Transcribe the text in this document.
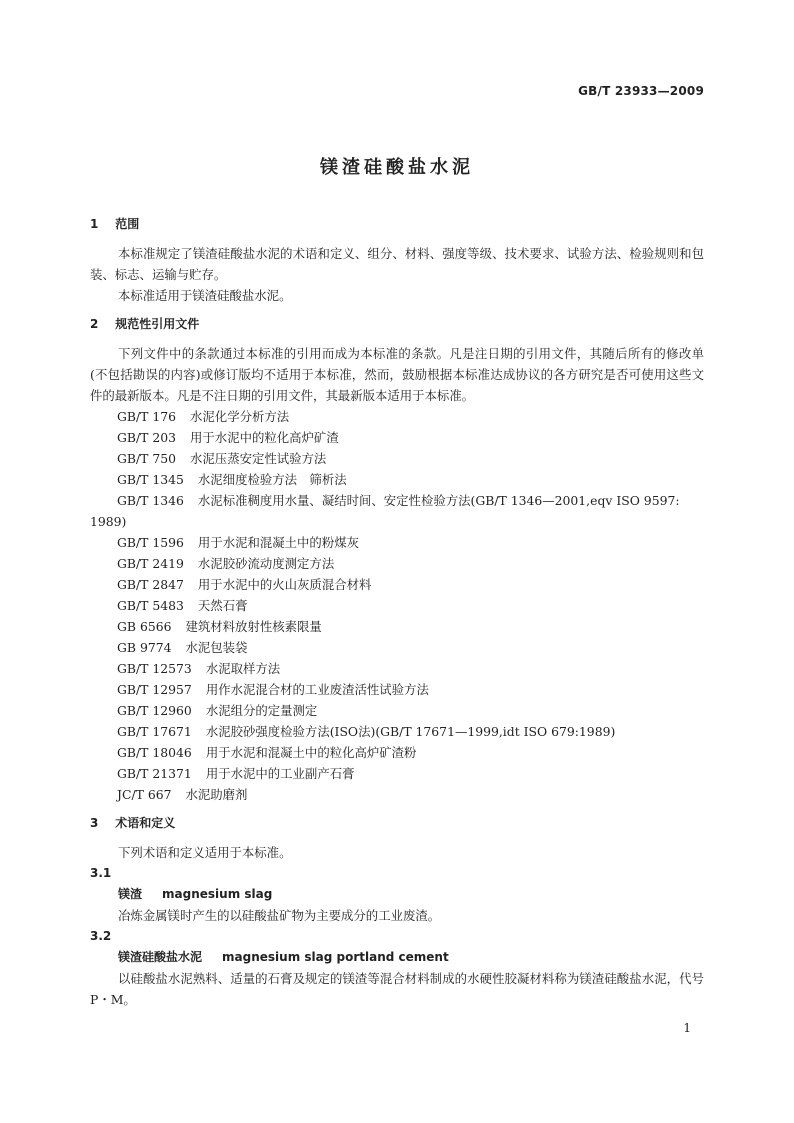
GB/T 23933—2009
镁渣硅酸盐水泥
1 范围

本标准规定了镁渣硅酸盐水泥的术语和定义、组分、材料、强度等级、技术要求、试验方法、检验规则和包装、标志、运输与贮存。

本标准适用于镁渣硅酸盐水泥。

2 规范性引用文件

下列文件中的条款通过本标准的引用而成为本标准的条款。凡是注日期的引用文件，其随后所有的修改单(不包括勘误的内容)或修订版均不适用于本标准，然而，鼓励根据本标准达成协议的各方研究是否可使用这些文件的最新版本。凡是不注日期的引用文件，其最新版本适用于本标准。

GB/T 176 水泥化学分析方法

GB/T 203 用于水泥中的粒化高炉矿渣

GB/T 750 水泥压蒸安定性试验方法

GB/T 1345 水泥细度检验方法　筛析法

GB/T 1346 水泥标准稠度用水量、凝结时间、安定性检验方法(GB/T 1346—2001,eqv ISO 9597:

1989)

GB/T 1596 用于水泥和混凝土中的粉煤灰

GB/T 2419 水泥胶砂流动度测定方法

GB/T 2847 用于水泥中的火山灰质混合材料

GB/T 5483 天然石膏

GB 6566 建筑材料放射性核素限量

GB 9774 水泥包装袋

GB/T 12573 水泥取样方法

GB/T 12957 用作水泥混合材的工业废渣活性试验方法

GB/T 12960 水泥组分的定量测定

GB/T 17671 水泥胶砂强度检验方法(ISO法)(GB/T 17671—1999,idt ISO 679:1989)

GB/T 18046 用于水泥和混凝土中的粒化高炉矿渣粉

GB/T 21371 用于水泥中的工业副产石膏

JC/T 667 水泥助磨剂

3 术语和定义

下列术语和定义适用于本标准。

3.1

镁渣 magnesium slag

冶炼金属镁时产生的以硅酸盐矿物为主要成分的工业废渣。

3.2

镁渣硅酸盐水泥 magnesium slag portland cement

以硅酸盐水泥熟料、适量的石膏及规定的镁渣等混合材料制成的水硬性胶凝材料称为镁渣硅酸盐水泥，代号 P・M。

1
